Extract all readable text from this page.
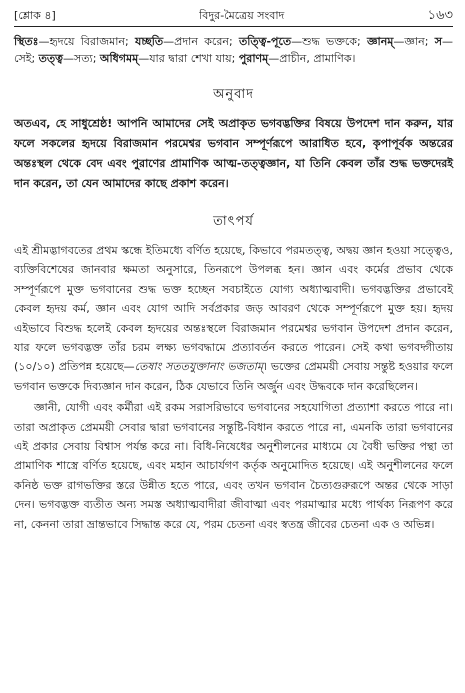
[শ্লোক ৪]	বিদুর-মৈত্রেয় সংবাদ	১৬৩
স্থিতঃ—হৃদয়ে বিরাজমান; যচ্ছতি—প্রদান করেন; তত্ত্বি-পূতে—শুদ্ধ ভক্তকে; জ্ঞানম্—জ্ঞান; স—সেই; তত্ত্ব—সত্য; অধিগমম্—যার দ্বারা শেখা যায়; পুরাণম্—প্রাচীন, প্রামাণিক।
অনুবাদ
অতএব, হে সাধুশ্রেষ্ঠ! আপনি আমাদের সেই অপ্রাকৃত ভগবদ্ভক্তির বিষয়ে উপদেশ দান করুন, যার ফলে সকলের হৃদয়ে বিরাজমান পরমেশ্বর ভগবান সম্পূর্ণরূপে আরাধিত হবে, কৃপাপূর্বক অন্তরের অন্তঃস্থল থেকে বেদ এবং পুরাণের প্রামাণিক আত্ম-তত্ত্বজ্ঞান, যা তিনি কেবল তাঁর শুদ্ধ ভক্তদেরই দান করেন, তা যেন আমাদের কাছে প্রকাশ করেন।
তাৎপর্য

এই শ্রীমদ্ভাগবতের প্রথম স্কন্ধে ইতিমধ্যে বর্ণিত হয়েছে, কিভাবে পরমতত্ত্ব, অদ্বয় জ্ঞান হওয়া সত্ত্বেও, ব্যক্তিবিশেষের জানবার ক্ষমতা অনুসারে, তিনরূপে উপলব্ধ হন। জ্ঞান এবং কর্মের প্রভাব থেকে সম্পূর্ণরূপে মুক্ত ভগবানের শুদ্ধ ভক্ত হচ্ছেন সবচাইতে যোগ্য অধ্যাত্মবাদী। ভগবদ্ভক্তির প্রভাবেই কেবল হৃদয় কর্ম, জ্ঞান এবং যোগ আদি সর্বপ্রকার জড় আবরণ থেকে সম্পূর্ণরূপে মুক্ত হয়। হৃদয় এইভাবে বিশুদ্ধ হলেই কেবল হৃদয়ের অন্তঃস্থলে বিরাজমান পরমেশ্বর ভগবান উপদেশ প্রদান করেন, যার ফলে ভগবদ্ভক্ত তাঁর চরম লক্ষ্য ভগবদ্ধামে প্রত্যাবর্তন করতে পারেন। সেই কথা ভগবদ্গীতায় (১০/১০) প্রতিপন্ন হয়েছে—তেষাং সততযুক্তানাং ভজতাম্। ভক্তের প্রেমময়ী সেবায় সন্তুষ্ট হওয়ার ফলে ভগবান ভক্তকে দিব্যজ্ঞান দান করেন, ঠিক যেভাবে তিনি অর্জুন এবং উদ্ধবকে দান করেছিলেন।

জ্ঞানী, যোগী এবং কর্মীরা এই রকম সরাসরিভাবে ভগবানের সহযোগিতা প্রত্যাশা করতে পারে না। তারা অপ্রাকৃত প্রেমময়ী সেবার দ্বারা ভগবানের সন্তুষ্টি-বিধান করতে পারে না, এমনকি তারা ভগবানের এই প্রকার সেবায় বিশ্বাস পর্যন্ত করে না। বিধি-নিষেধের অনুশীলনের মাধ্যমে যে বৈধী ভক্তির পন্থা তা প্রামাণিক শাস্ত্রে বর্ণিত হয়েছে, এবং মহান আচার্যগণ কর্তৃক অনুমোদিত হয়েছে। এই অনুশীলনের ফলে কনিষ্ঠ ভক্ত রাগভক্তির স্তরে উন্নীত হতে পারে, এবং তখন ভগবান চৈত্যগুরুরূপে অন্তর থেকে সাড়া দেন। ভগবদ্ভক্ত ব্যতীত অন্য সমস্ত অধ্যাত্মবাদীরা জীবাত্মা এবং পরমাত্মার মধ্যে পার্থক্য নিরূপণ করে না, কেননা তারা ভ্রান্তভাবে সিদ্ধান্ত করে যে, পরম চেতনা এবং স্বতন্ত্র জীবের চেতনা এক ও অভিন্ন।
